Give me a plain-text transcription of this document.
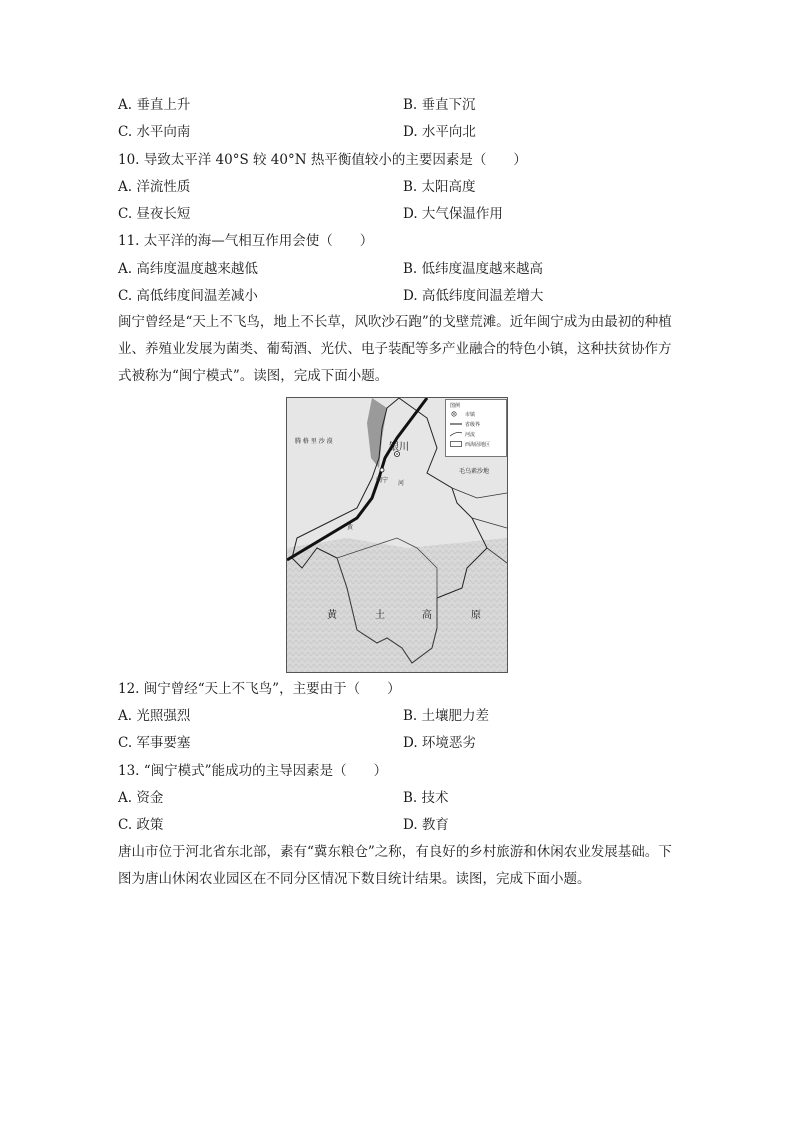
A. 垂直上升	B. 垂直下沉
C. 水平向南	D. 水平向北
10. 导致太平洋 40°S 较 40°N 热平衡值较小的主要因素是（　　）
A. 洋流性质	B. 太阳高度
C. 昼夜长短	D. 大气保温作用
11. 太平洋的海—气相互作用会使（　　）
A. 高纬度温度越来越低	B. 低纬度温度越来越高
C. 高低纬度间温差减小	D. 高低纬度间温差增大
闽宁曾经是“天上不飞鸟，地上不长草，风吹沙石跑”的戈壁荒滩。近年闽宁成为由最初的种植业、养殖业发展为菌类、葡萄酒、光伏、电子装配等多产业融合的特色小镇，这种扶贫协作方式被称为“闽宁模式”。读图，完成下面小题。
腾 格 里 沙 漠
毛乌素沙地
银川
闽宁 河
黄
黄	土	高	原
图例
市镇
省级界
河流
西海固地区
12. 闽宁曾经“天上不飞鸟”，主要由于（　　）
A. 光照强烈	B. 土壤肥力差
C. 军事要塞	D. 环境恶劣
13. “闽宁模式”能成功的主导因素是（　　）
A. 资金	B. 技术
C. 政策	D. 教育
唐山市位于河北省东北部，素有“冀东粮仓”之称，有良好的乡村旅游和休闲农业发展基础。下图为唐山休闲农业园区在不同分区情况下数目统计结果。读图，完成下面小题。
